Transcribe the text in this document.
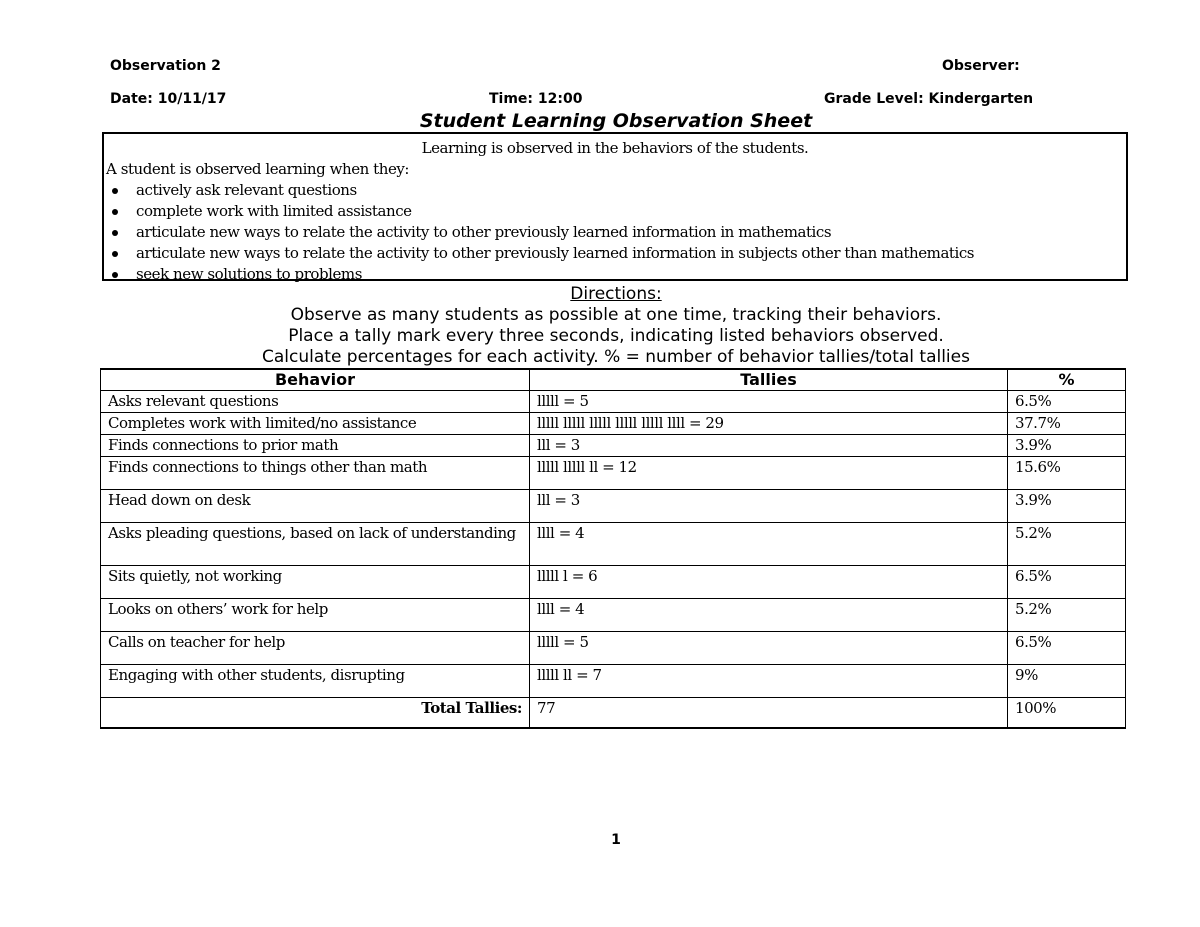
Observation 2	Observer:
Date: 10/11/17	Time: 12:00	Grade Level: Kindergarten
Student Learning Observation Sheet
Learning is observed in the behaviors of the students.
A student is observed learning when they:
actively ask relevant questions
complete work with limited assistance
articulate new ways to relate the activity to other previously learned information in mathematics
articulate new ways to relate the activity to other previously learned information in subjects other than mathematics
seek new solutions to problems
Directions:
Observe as many students as possible at one time, tracking their behaviors.
Place a tally mark every three seconds, indicating listed behaviors observed.
Calculate percentages for each activity. % = number of behavior tallies/total tallies
Behavior	Tallies	%
Asks relevant questions	lllll = 5	6.5%
Completes work with limited/no assistance	lllll lllll lllll lllll lllll llll = 29	37.7%
Finds connections to prior math	lll = 3	3.9%
Finds connections to things other than math	lllll lllll ll = 12	15.6%
Head down on desk	lll = 3	3.9%
Asks pleading questions, based on lack of understanding	llll = 4	5.2%
Sits quietly, not working	lllll l = 6	6.5%
Looks on others’ work for help	llll = 4	5.2%
Calls on teacher for help	lllll = 5	6.5%
Engaging with other students, disrupting	lllll ll = 7	9%
Total Tallies:	77	100%
1
